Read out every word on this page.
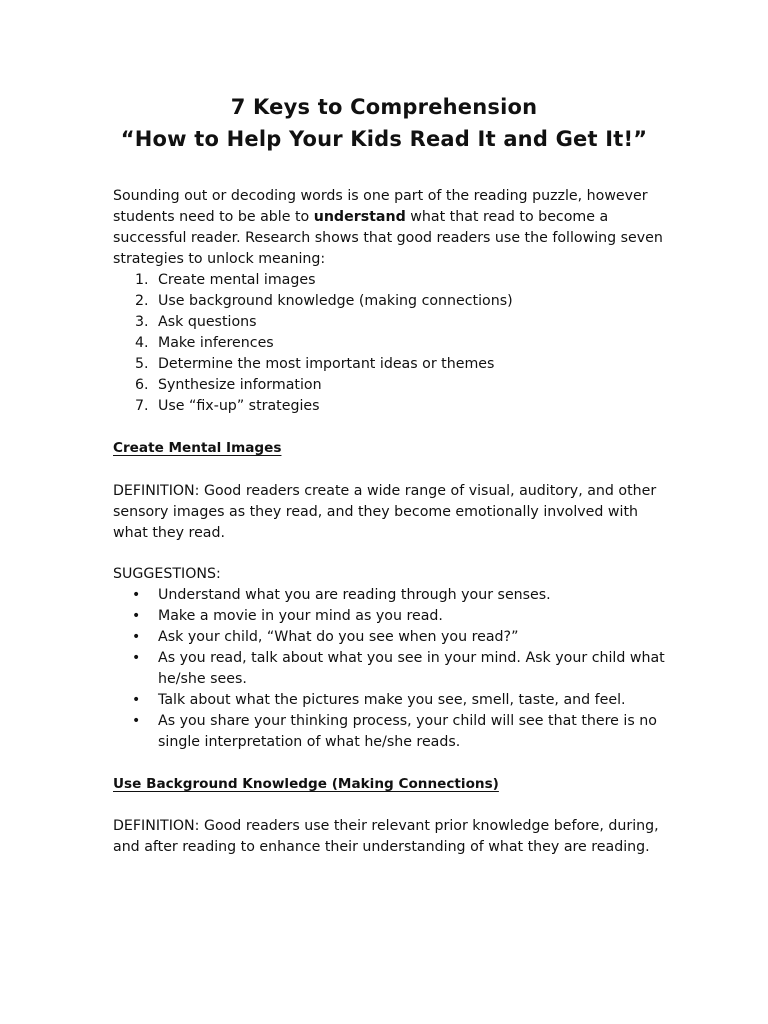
7 Keys to Comprehension
“How to Help Your Kids Read It and Get It!”

Sounding out or decoding words is one part of the reading puzzle, however students need to be able to understand what that read to become a successful reader. Research shows that good readers use the following seven strategies to unlock meaning:

1. Create mental images
2. Use background knowledge (making connections)
3. Ask questions
4. Make inferences
5. Determine the most important ideas or themes
6. Synthesize information
7. Use “fix-up” strategies
Create Mental Images

DEFINITION: Good readers create a wide range of visual, auditory, and other sensory images as they read, and they become emotionally involved with what they read.

SUGGESTIONS:
• Understand what you are reading through your senses.
• Make a movie in your mind as you read.
• Ask your child, “What do you see when you read?”
• As you read, talk about what you see in your mind. Ask your child what he/she sees.
• Talk about what the pictures make you see, smell, taste, and feel.
• As you share your thinking process, your child will see that there is no single interpretation of what he/she reads.
Use Background Knowledge (Making Connections)

DEFINITION: Good readers use their relevant prior knowledge before, during, and after reading to enhance their understanding of what they are reading.
